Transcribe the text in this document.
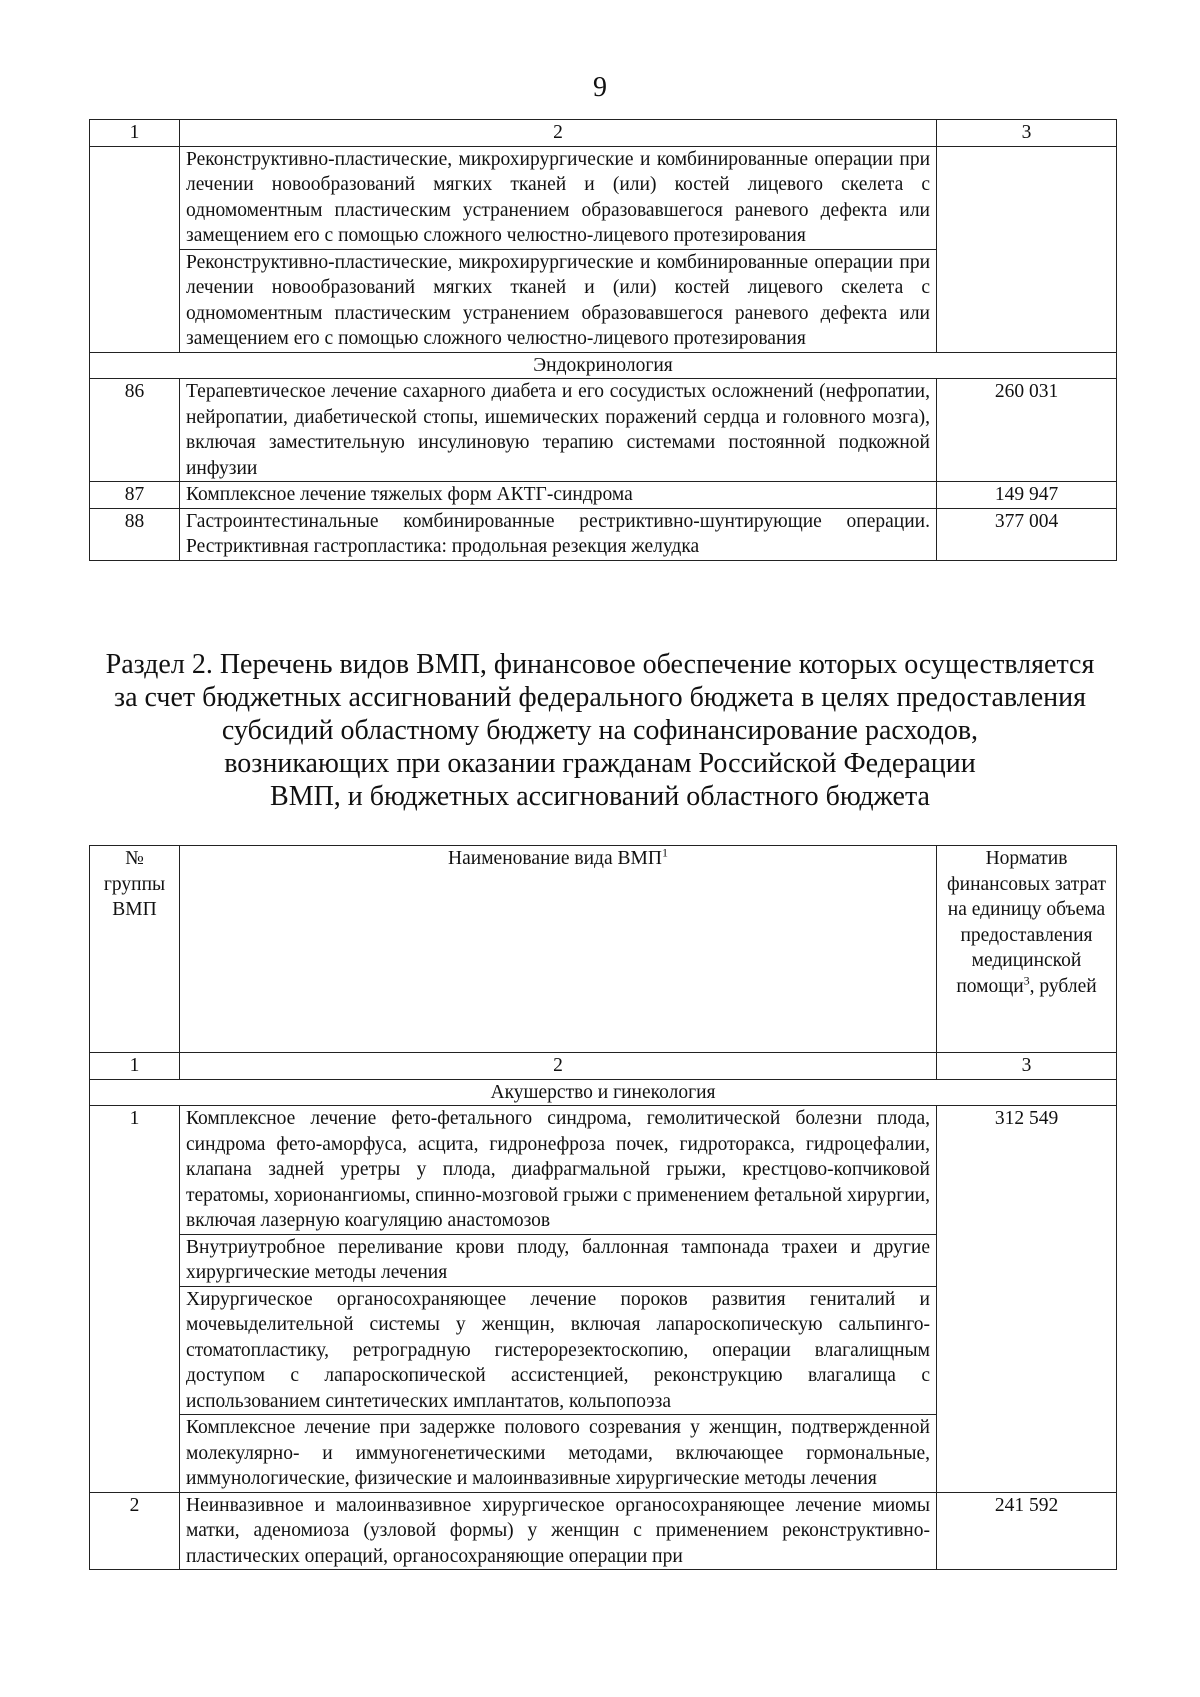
9
1	2	3
	Реконструктивно-пластические, микрохирургические и комбинированные операции при лечении новообразований мягких тканей и (или) костей лицевого скелета с одномоментным пластическим устранением образовавшегося раневого дефекта или замещением его с помощью сложного челюстно-лицевого протезирования	
	Реконструктивно-пластические, микрохирургические и комбинированные операции при лечении новообразований мягких тканей и (или) костей лицевого скелета с одномоментным пластическим устранением образовавшегося раневого дефекта или замещением его с помощью сложного челюстно-лицевого протезирования	
Эндокринология		
86	Терапевтическое лечение сахарного диабета и его сосудистых осложнений (нефропатии, нейропатии, диабетической стопы, ишемических поражений сердца и головного мозга), включая заместительную инсулиновую терапию системами постоянной подкожной инфузии	260 031
87	Комплексное лечение тяжелых форм АКТГ-синдрома	149 947
88	Гастроинтестинальные комбинированные рестриктивно-шунтирующие операции. Рестриктивная гастропластика: продольная резекция желудка	377 004
Раздел 2. Перечень видов ВМП, финансовое обеспечение которых осуществляется
за счет бюджетных ассигнований федерального бюджета в целях предоставления
субсидий областному бюджету на софинансирование расходов,
возникающих при оказании гражданам Российской Федерации
ВМП, и бюджетных ассигнований областного бюджета
№ группы ВМП	Наименование вида ВМП$^1$	Норматив финансовых затрат на единицу объема предоставления медицинской помощи$^3$, рублей
1	2	3
Акушерство и гинекология		
1	Комплексное лечение фето-фетального синдрома, гемолитической болезни плода, синдрома фето-аморфуса, асцита, гидронефроза почек, гидроторакса, гидроцефалии, клапана задней уретры у плода, диафрагмальной грыжи, крестцово-копчиковой тератомы, хорионангиомы, спинно-мозговой грыжи с применением фетальной хирургии, включая лазерную коагуляцию анастомозов	312 549
	Внутриутробное переливание крови плоду, баллонная тампонада трахеи и другие хирургические методы лечения	
	Хирургическое органосохраняющее лечение пороков развития гениталий и мочевыделительной системы у женщин, включая лапароскопическую сальпинго-стоматопластику, ретроградную гистерорезектоскопию, операции влагалищным доступом с лапароскопической ассистенцией, реконструкцию влагалища с использованием синтетических имплантатов, кольпопоэза	
	Комплексное лечение при задержке полового созревания у женщин, подтвержденной молекулярно- и иммуногенетическими методами, включающее гормональные, иммунологические, физические и малоинвазивные хирургические методы лечения	
2	Неинвазивное и малоинвазивное хирургическое органосохраняющее лечение миомы матки, аденомиоза (узловой формы) у женщин с применением реконструктивно-пластических операций, органосохраняющие операции при	241 592
